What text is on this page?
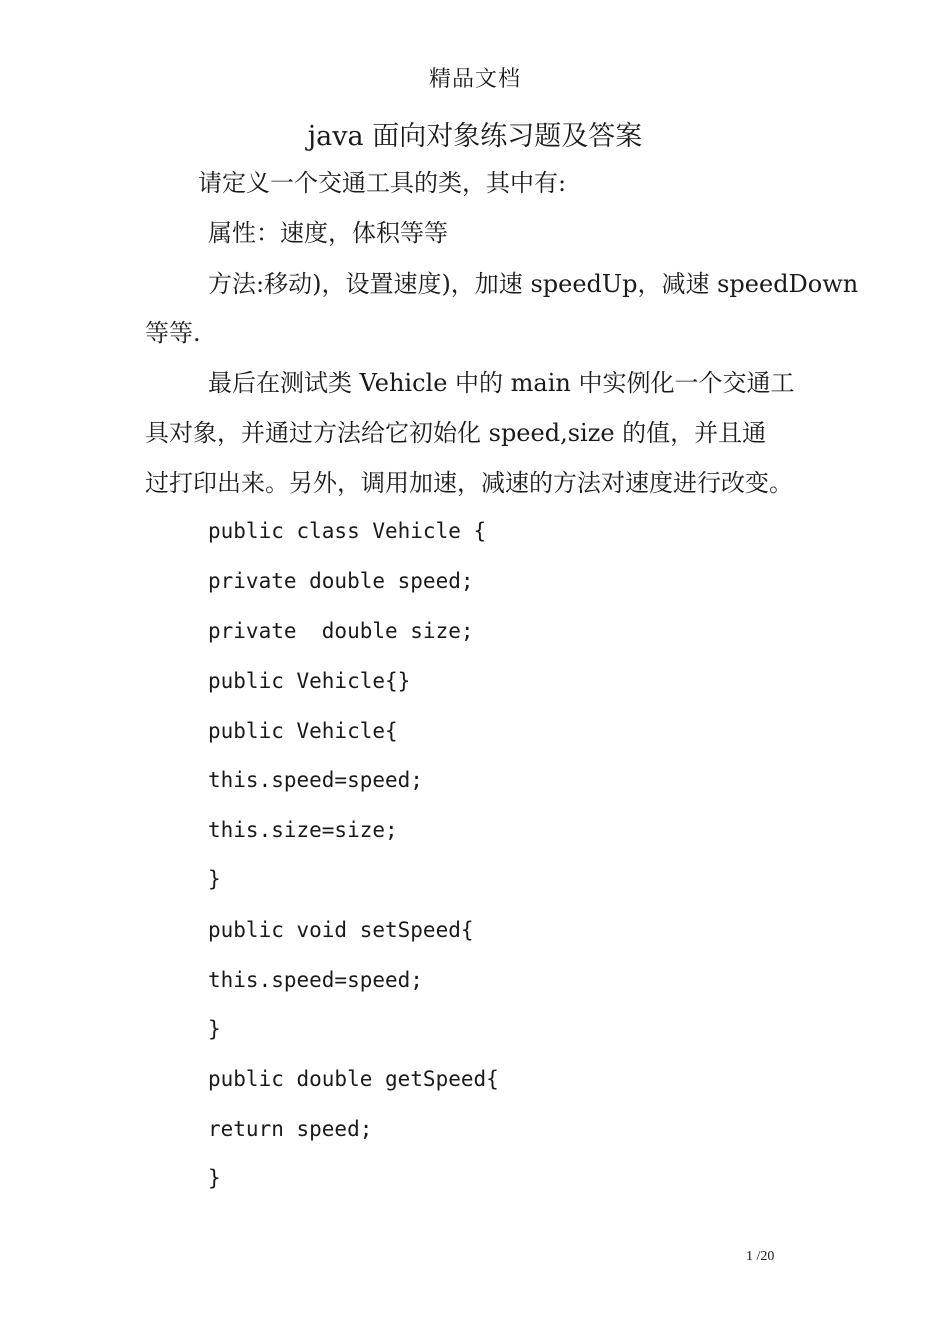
精品文档
java 面向对象练习题及答案
请定义一个交通工具的类，其中有:
属性：速度，体积等等
方法:移动)，设置速度)，加速 speedUp，减速 speedDown
等等.
最后在测试类 Vehicle 中的 main 中实例化一个交通工
具对象，并通过方法给它初始化 speed,size 的值，并且通
过打印出来。另外，调用加速，减速的方法对速度进行改变。
public class Vehicle {
private double speed;
private  double size;
public Vehicle{}
public Vehicle{
this.speed=speed;
this.size=size;
}
public void setSpeed{
this.speed=speed;
}
public double getSpeed{
return speed;
}
1 /20
